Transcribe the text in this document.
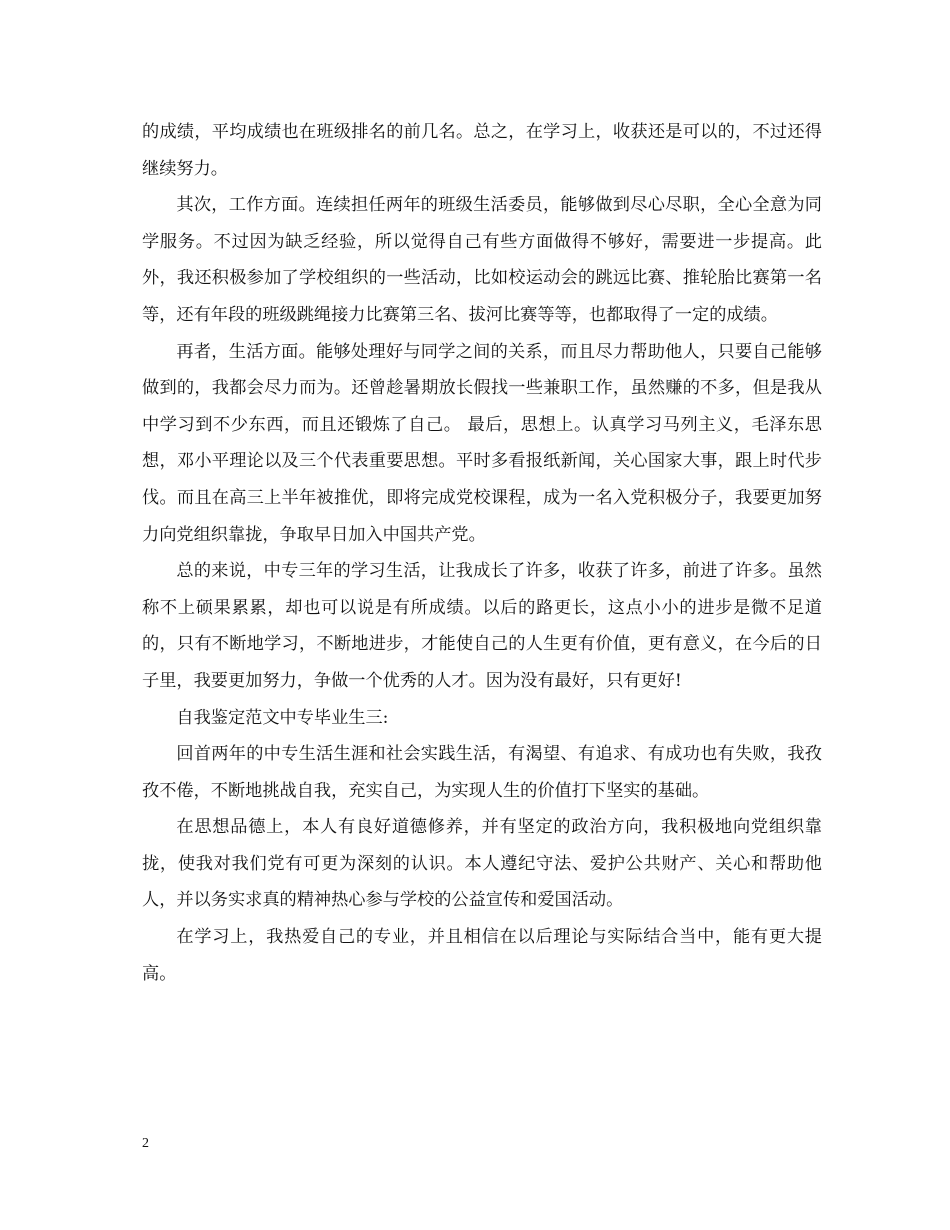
的成绩，平均成绩也在班级排名的前几名。总之，在学习上，收获还是可以的，不过还得继续努力。

其次，工作方面。连续担任两年的班级生活委员，能够做到尽心尽职，全心全意为同学服务。不过因为缺乏经验，所以觉得自己有些方面做得不够好，需要进一步提高。此外，我还积极参加了学校组织的一些活动，比如校运动会的跳远比赛、推轮胎比赛第一名等，还有年段的班级跳绳接力比赛第三名、拔河比赛等等，也都取得了一定的成绩。

再者，生活方面。能够处理好与同学之间的关系，而且尽力帮助他人，只要自己能够做到的，我都会尽力而为。还曾趁暑期放长假找一些兼职工作，虽然赚的不多，但是我从中学习到不少东西，而且还锻炼了自己。 最后，思想上。认真学习马列主义，毛泽东思想，邓小平理论以及三个代表重要思想。平时多看报纸新闻，关心国家大事，跟上时代步伐。而且在高三上半年被推优，即将完成党校课程，成为一名入党积极分子，我要更加努力向党组织靠拢，争取早日加入中国共产党。

总的来说，中专三年的学习生活，让我成长了许多，收获了许多，前进了许多。虽然称不上硕果累累，却也可以说是有所成绩。以后的路更长，这点小小的进步是微不足道的，只有不断地学习，不断地进步，才能使自己的人生更有价值，更有意义，在今后的日子里，我要更加努力，争做一个优秀的人才。因为没有最好，只有更好!

自我鉴定范文中专毕业生三:

回首两年的中专生活生涯和社会实践生活，有渴望、有追求、有成功也有失败，我孜孜不倦，不断地挑战自我，充实自己，为实现人生的价值打下坚实的基础。

在思想品德上，本人有良好道德修养，并有坚定的政治方向，我积极地向党组织靠拢，使我对我们党有可更为深刻的认识。本人遵纪守法、爱护公共财产、关心和帮助他人，并以务实求真的精神热心参与学校的公益宣传和爱国活动。

在学习上，我热爱自己的专业，并且相信在以后理论与实际结合当中，能有更大提高。

2
